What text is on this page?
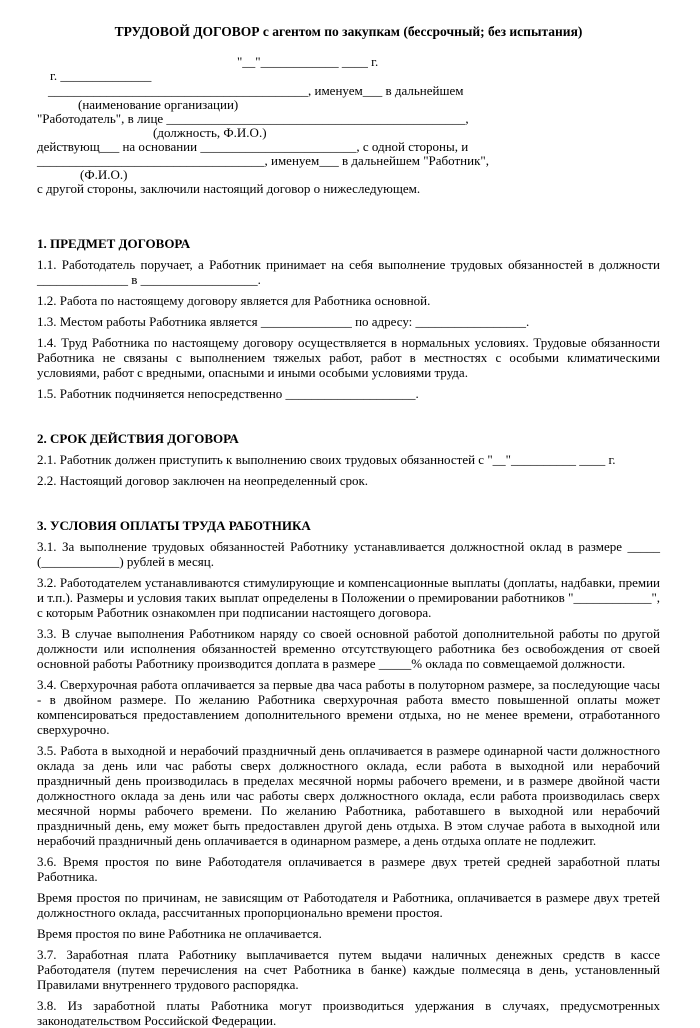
ТРУДОВОЙ ДОГОВОР с агентом по закупкам (бессрочный; без испытания)

г. ______________

"__"____________ ____ г.

________________________________________, именуем___ в дальнейшем
(наименование организации)
"Работодатель", в лице ______________________________________________,
(должность, Ф.И.О.)
действующ___ на основании ________________________, с одной стороны, и
___________________________________, именуем___ в дальнейшем "Работник",
(Ф.И.О.)
с другой стороны, заключили настоящий договор о нижеследующем.
1. ПРЕДМЕТ ДОГОВОРА
1.1. Работодатель поручает, а Работник принимает на себя выполнение трудовых обязанностей в должности ______________ в __________________.
1.2. Работа по настоящему договору является для Работника основной.
1.3. Местом работы Работника является ______________ по адресу: _________________.
1.4. Труд Работника по настоящему договору осуществляется в нормальных условиях. Трудовые обязанности Работника не связаны с выполнением тяжелых работ, работ в местностях с особыми климатическими условиями, работ с вредными, опасными и иными особыми условиями труда.
1.5. Работник подчиняется непосредственно ____________________.
2. СРОК ДЕЙСТВИЯ ДОГОВОРА
2.1. Работник должен приступить к выполнению своих трудовых обязанностей с "__"__________ ____ г.
2.2. Настоящий договор заключен на неопределенный срок.
3. УСЛОВИЯ ОПЛАТЫ ТРУДА РАБОТНИКА
3.1. За выполнение трудовых обязанностей Работнику устанавливается должностной оклад в размере _____ (____________) рублей в месяц.
3.2. Работодателем устанавливаются стимулирующие и компенсационные выплаты (доплаты, надбавки, премии и т.п.). Размеры и условия таких выплат определены в Положении о премировании работников "____________", с которым Работник ознакомлен при подписании настоящего договора.
3.3. В случае выполнения Работником наряду со своей основной работой дополнительной работы по другой должности или исполнения обязанностей временно отсутствующего работника без освобождения от своей основной работы Работнику производится доплата в размере _____% оклада по совмещаемой должности.
3.4. Сверхурочная работа оплачивается за первые два часа работы в полуторном размере, за последующие часы - в двойном размере. По желанию Работника сверхурочная работа вместо повышенной оплаты может компенсироваться предоставлением дополнительного времени отдыха, но не менее времени, отработанного сверхурочно.
3.5. Работа в выходной и нерабочий праздничный день оплачивается в размере одинарной части должностного оклада за день или час работы сверх должностного оклада, если работа в выходной или нерабочий праздничный день производилась в пределах месячной нормы рабочего времени, и в размере двойной части должностного оклада за день или час работы сверх должностного оклада, если работа производилась сверх месячной нормы рабочего времени. По желанию Работника, работавшего в выходной или нерабочий праздничный день, ему может быть предоставлен другой день отдыха. В этом случае работа в выходной или нерабочий праздничный день оплачивается в одинарном размере, а день отдыха оплате не подлежит.
3.6. Время простоя по вине Работодателя оплачивается в размере двух третей средней заработной платы Работника.
Время простоя по причинам, не зависящим от Работодателя и Работника, оплачивается в размере двух третей должностного оклада, рассчитанных пропорционально времени простоя.
Время простоя по вине Работника не оплачивается.
3.7. Заработная плата Работнику выплачивается путем выдачи наличных денежных средств в кассе Работодателя (путем перечисления на счет Работника в банке) каждые полмесяца в день, установленный Правилами внутреннего трудового распорядка.
3.8. Из заработной платы Работника могут производиться удержания в случаях, предусмотренных законодательством Российской Федерации.
